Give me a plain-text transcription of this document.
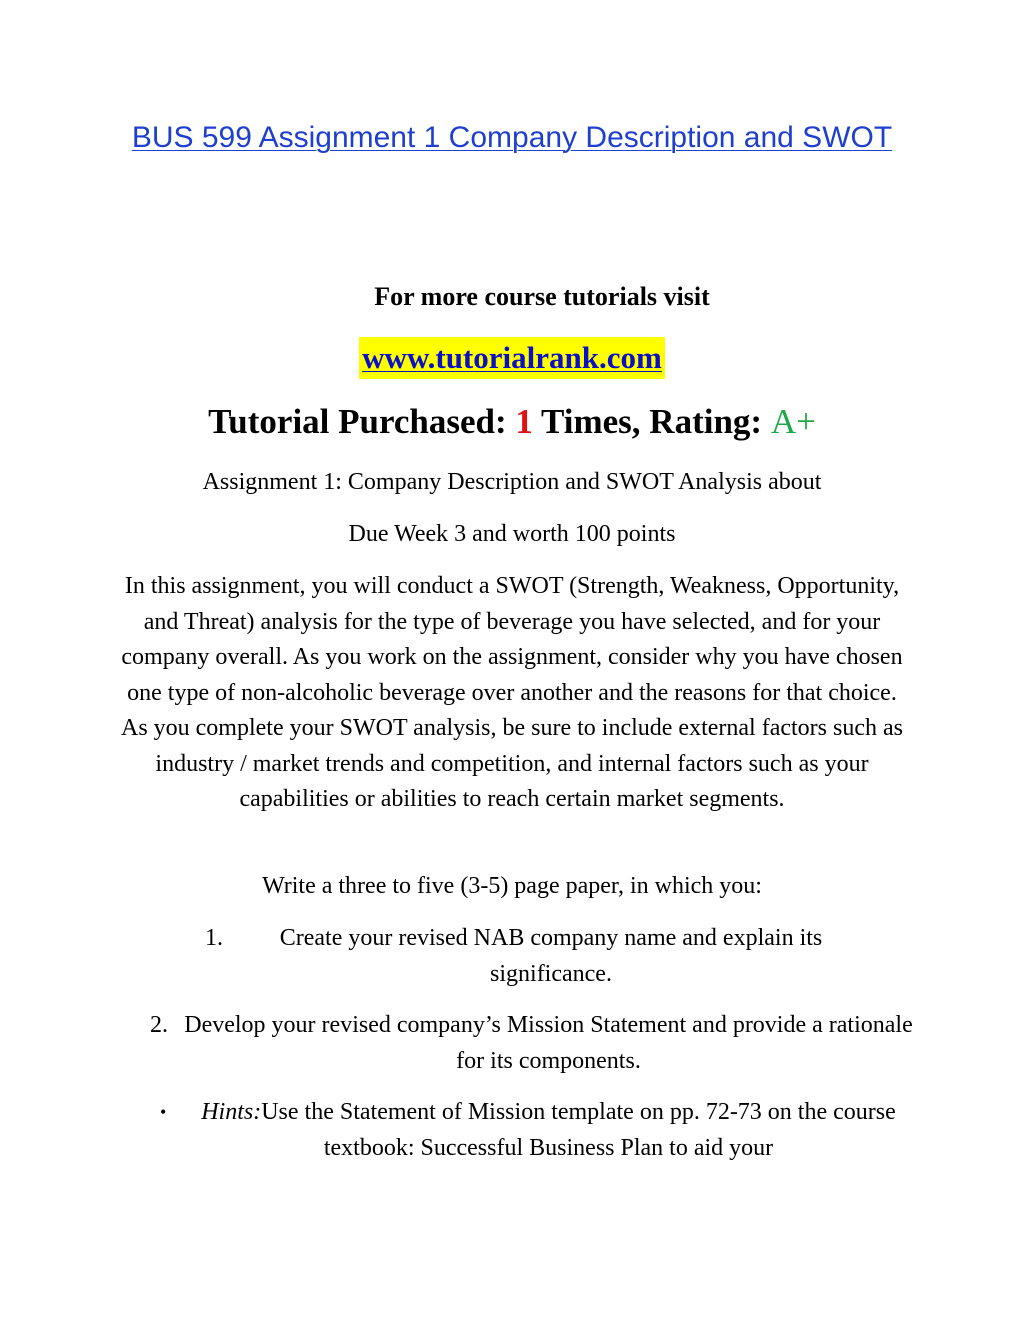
BUS 599 Assignment 1 Company Description and SWOT
For more course tutorials visit
www.tutorialrank.com
Tutorial Purchased: 1 Times, Rating: A+
Assignment 1: Company Description and SWOT Analysis about
Due Week 3 and worth 100 points
In this assignment, you will conduct a SWOT (Strength, Weakness, Opportunity, and Threat) analysis for the type of beverage you have selected, and for your company overall. As you work on the assignment, consider why you have chosen one type of non-alcoholic beverage over another and the reasons for that choice. As you complete your SWOT analysis, be sure to include external factors such as industry / market trends and competition, and internal factors such as your capabilities or abilities to reach certain market segments.
Write a three to five (3-5) page paper, in which you:
1.	Create your revised NAB company name and explain its significance.
2. Develop your revised company’s Mission Statement and provide a rationale for its components.
•	Hints:Use the Statement of Mission template on pp. 72-73 on the course textbook: Successful Business Plan to aid your
